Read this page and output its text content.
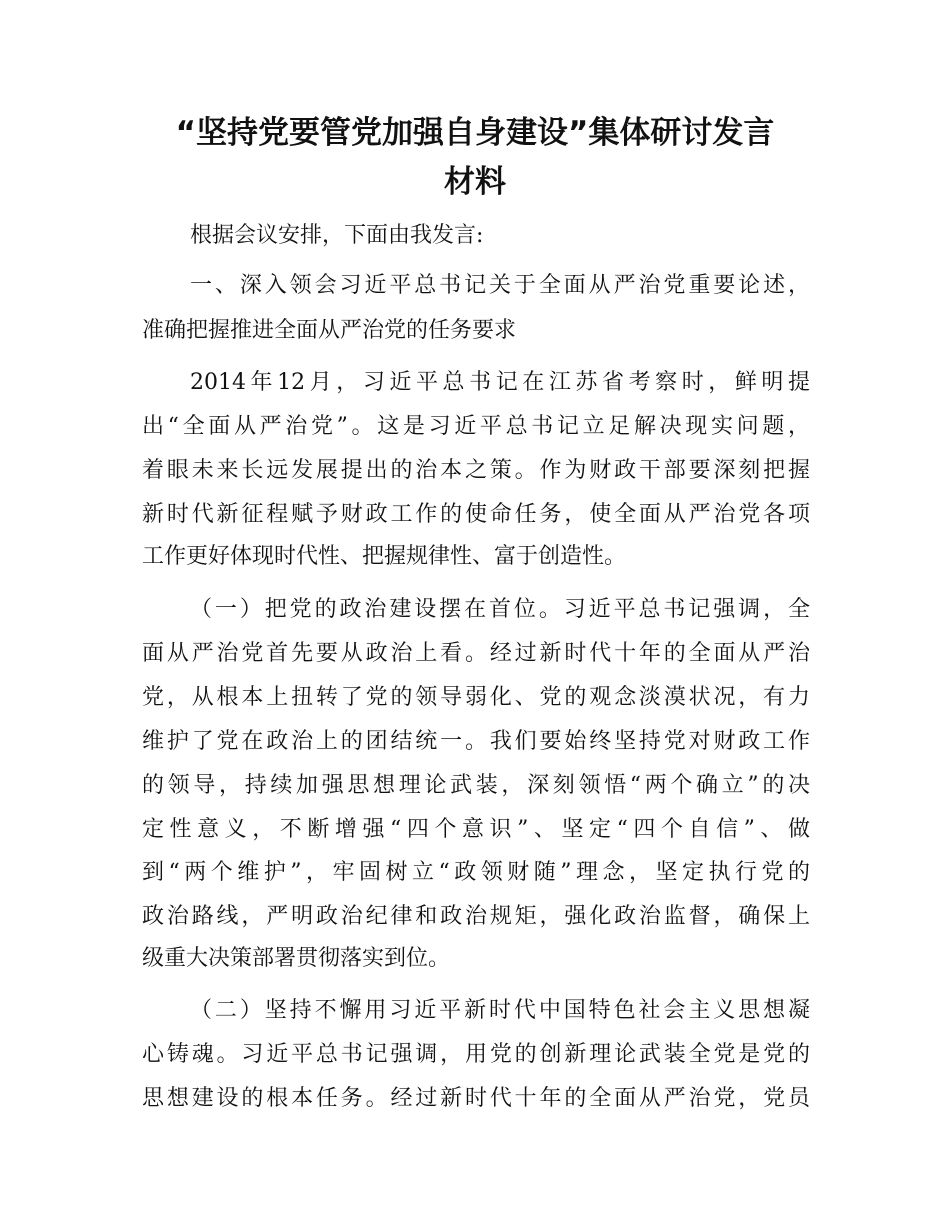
“坚持党要管党加强自身建设”集体研讨发言
材料

根据会议安排，下面由我发言:

一、深入领会习近平总书记关于全面从严治党重要论述，

准确把握推进全面从严治党的任务要求

2014年12月，习近平总书记在江苏省考察时，鲜明提

出“全面从严治党”。这是习近平总书记立足解决现实问题，

着眼未来长远发展提出的治本之策。作为财政干部要深刻把握

新时代新征程赋予财政工作的使命任务，使全面从严治党各项

工作更好体现时代性、把握规律性、富于创造性。

（一）把党的政治建设摆在首位。习近平总书记强调，全

面从严治党首先要从政治上看。经过新时代十年的全面从严治

党，从根本上扭转了党的领导弱化、党的观念淡漠状况，有力

维护了党在政治上的团结统一。我们要始终坚持党对财政工作

的领导，持续加强思想理论武装，深刻领悟“两个确立”的决

定性意义，不断增强“四个意识”、坚定“四个自信”、做

到“两个维护”，牢固树立“政领财随”理念，坚定执行党的

政治路线，严明政治纪律和政治规矩，强化政治监督，确保上

级重大决策部署贯彻落实到位。

（二）坚持不懈用习近平新时代中国特色社会主义思想凝

心铸魂。习近平总书记强调，用党的创新理论武装全党是党的

思想建设的根本任务。经过新时代十年的全面从严治党，党员
